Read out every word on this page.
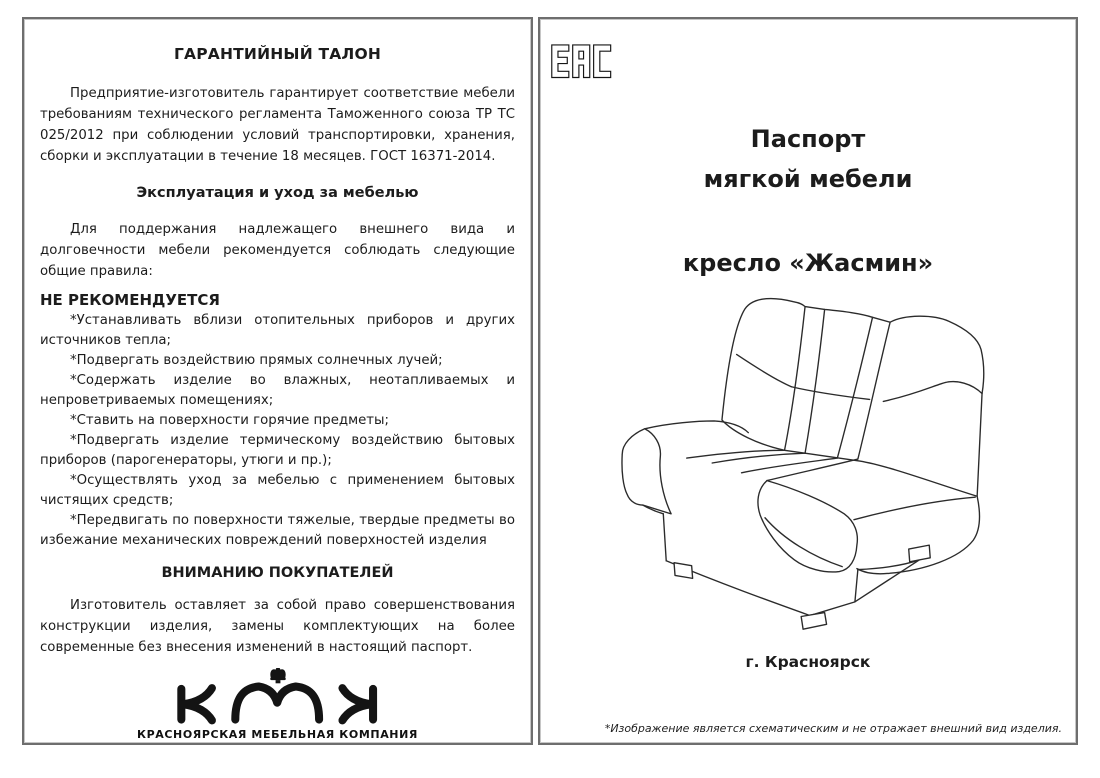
ГАРАНТИЙНЫЙ ТАЛОН

Предприятие-изготовитель гарантирует соответствие мебели требованиям технического регламента Таможенного союза ТР ТС 025/2012 при соблюдении условий транспортировки, хранения, сборки и эксплуатации в течение 18 месяцев. ГОСТ 16371-2014.

Эксплуатация и уход за мебелью

Для поддержания надлежащего внешнего вида и долговечности мебели рекомендуется соблюдать следующие общие правила:

НЕ РЕКОМЕНДУЕТСЯ

*Устанавливать вблизи отопительных приборов и других источников тепла;

*Подвергать воздействию прямых солнечных лучей;

*Содержать изделие во влажных, неотапливаемых и непроветриваемых помещениях;

*Ставить на поверхности горячие предметы;

*Подвергать изделие термическому воздействию бытовых приборов (парогенераторы, утюги и пр.);

*Осуществлять уход за мебелью с применением бытовых чистящих средств;

*Передвигать по поверхности тяжелые, твердые предметы во избежание механических повреждений поверхностей изделия

ВНИМАНИЮ ПОКУПАТЕЛЕЙ

Изготовитель оставляет за собой право совершенствования конструкции изделия, замены комплектующих на более современные без внесения изменений в настоящий паспорт.

КРАСНОЯРСКАЯ МЕБЕЛЬНАЯ КОМПАНИЯ
Паспорт
мягкой мебели
кресло «Жасмин»
г. Красноярск
*Изображение является схематическим и не отражает внешний вид изделия.
